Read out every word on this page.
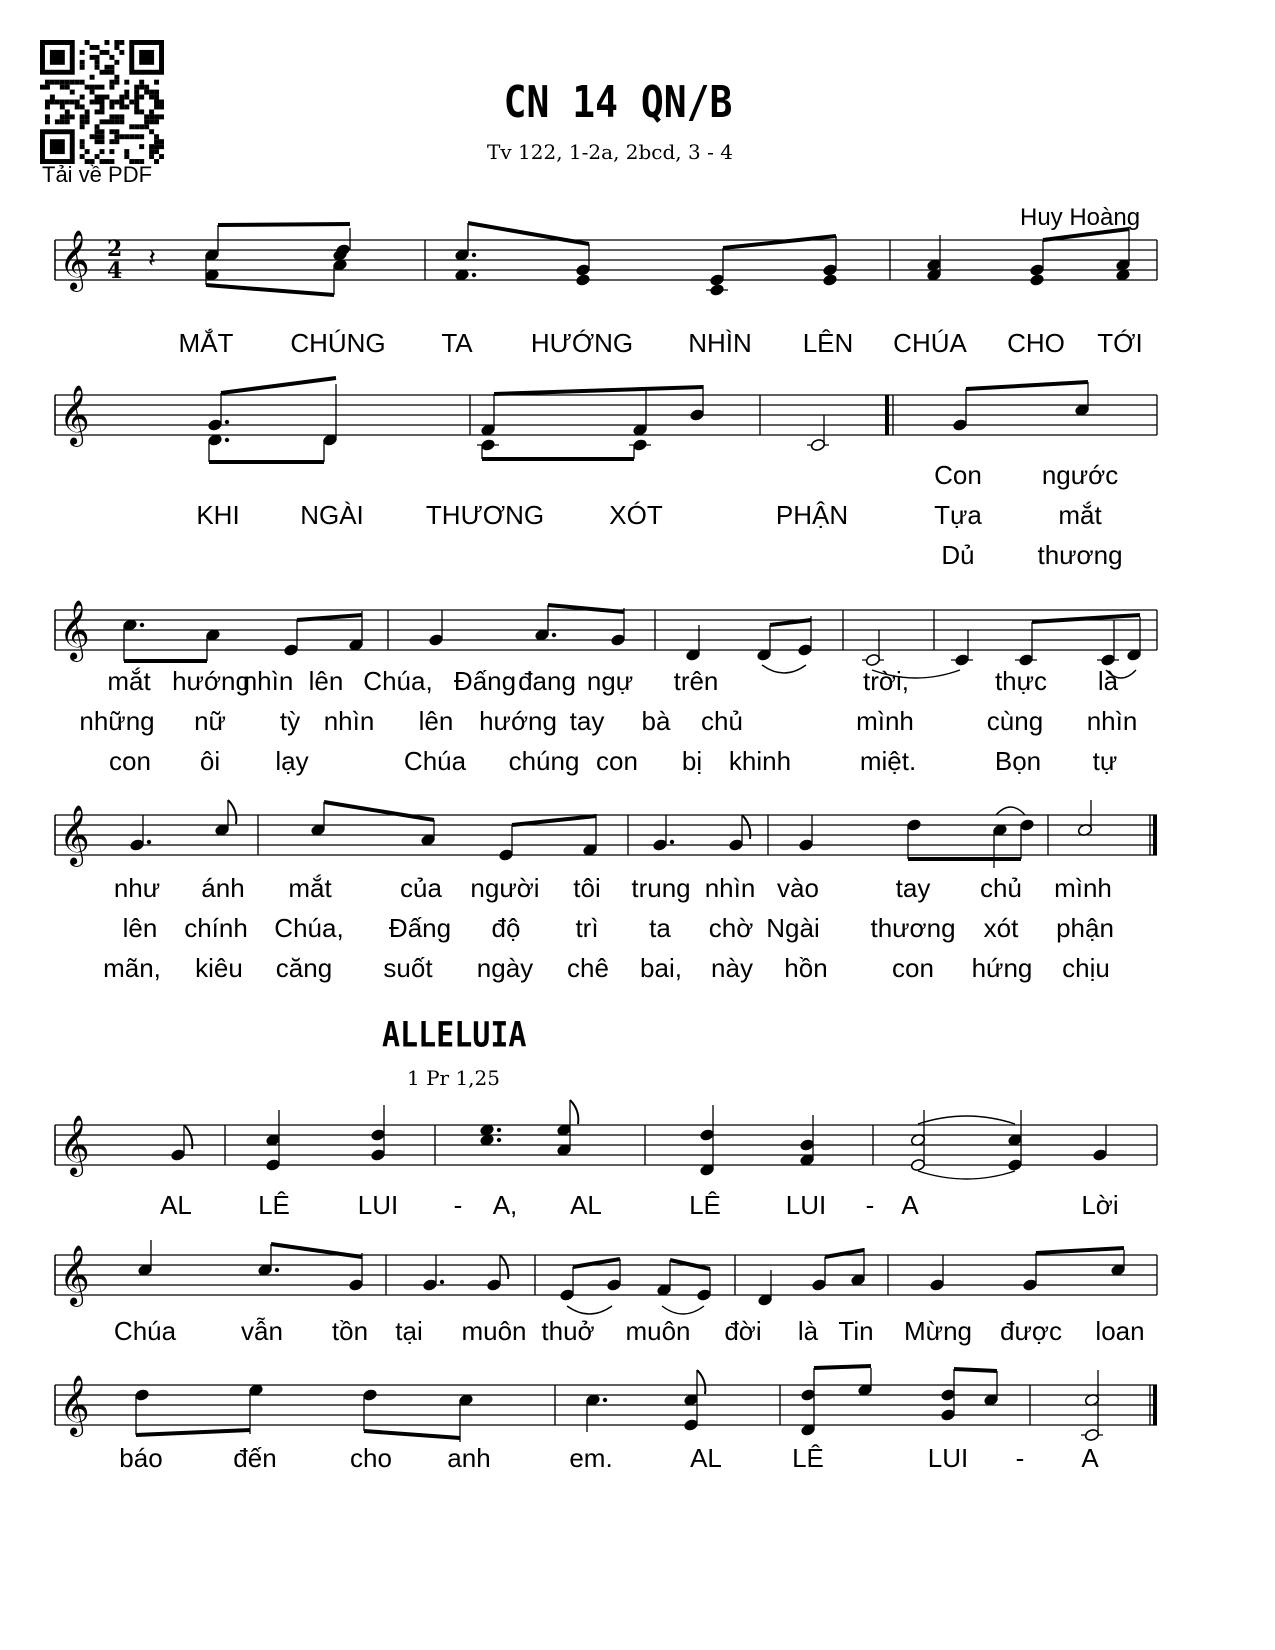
Tải về PDF
CN 14 QN/B
Tv 122, 1-2a, 2bcd, 3 - 4
Huy Hoàng
𝄞 𝄽
𝄞
𝄞
𝄞
𝄞
𝄞
𝄞
2
4
ALLELUIA
1 Pr 1,25
MẮT CHÚNG TA HƯỚNG NHÌN LÊN CHÚA CHO TỚI
KHI NGÀI THƯƠNG	XÓT	PHẬN
Con ngước
Tựa	mắt
Dủ thương
mắt hướng
nhìn lên Chúa, Đấng đang ngự trên	trời,	thực là
những nữ tỳ nhìn lên hướng tay bà chủ	mình	cùng nhìn
con ôi lạy	Chúa chúng con bị khinh	miệt.	Bọn tự
như ánh mắt	của người tôi trung nhìn vào	tay chủ mình
lên chính Chúa, Đấng độ trì ta chờ Ngài thương xót phận
mãn, kiêu căng suốt ngày chê bai, này hồn con hứng chịu
AL	LÊ	LUI - A, AL	LÊ LUI - A	Lời
Chúa vẫn tồn tại muôn thuở muôn đời là Tin Mừng được loan
báo	đến	cho anh	em.	AL	LÊ	LUI - A
